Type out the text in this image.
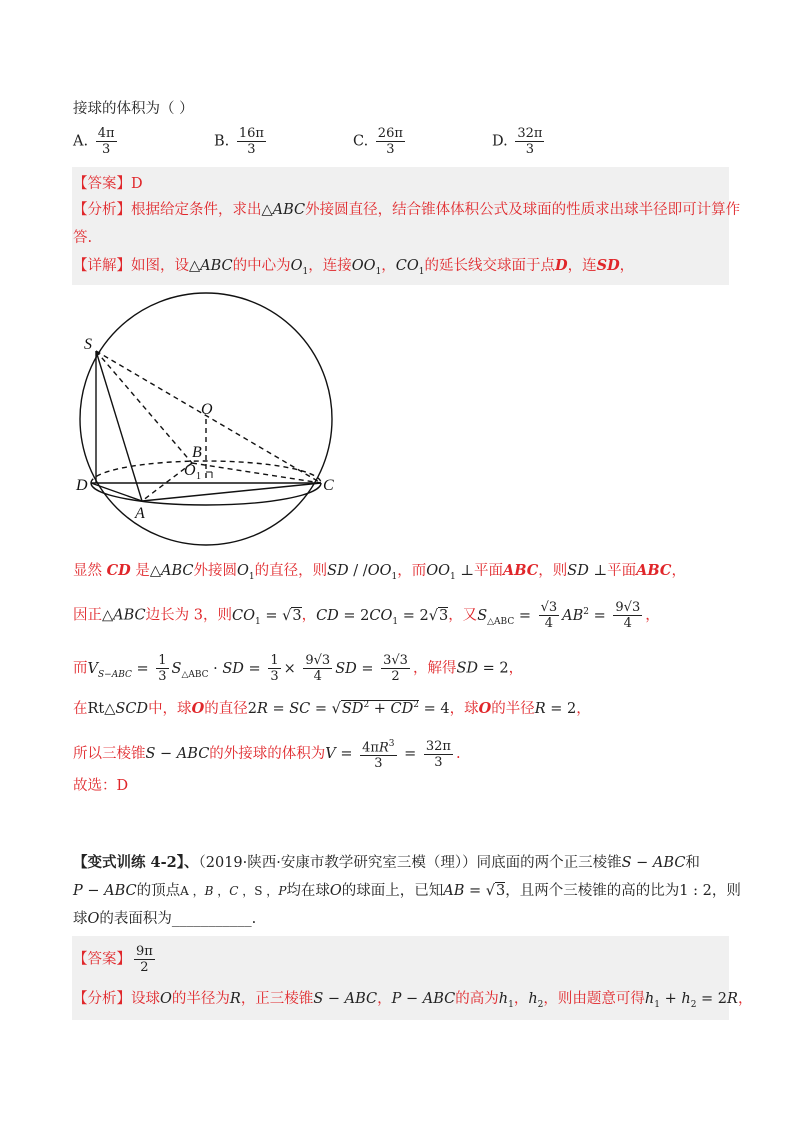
接球的体积为（ ）
A. $\frac{4\pi}{3}$	B. $\frac{16\pi}{3}$	C. $\frac{26\pi}{3}$	D. $\frac{32\pi}{3}$
【答案】D
【分析】根据给定条件，求出△ABC外接圆直径，结合锥体体积公式及球面的性质求出球半径即可计算作
答.
【详解】如图，设△ABC的中心为$O_1$，连接$OO_1$，$CO_1$的延长线交球面于点D，连SD，
S
O
B
O 1
D	C
A
显然 CD 是△ABC外接圆$O_1$的直径，则SD / $/OO_1$，而$OO_1$ ⊥平面ABC，则SD ⊥平面ABC，
因正△ABC边长为 3，则$CO_1 = √3$，CD = $2CO_1 = 2√3$，又$S_{\triangle ABC} = \frac{√3}{4} AB^2 = \frac{9√3}{4}$ ，
而$V_{S-ABC} = \frac{1}{3} S_{\triangle ABC}$ · SD = $\frac{1}{3} \times \frac{9√3}{4}$ SD = $\frac{3√3}{2}$ ，解得SD = 2，
在Rt△SCD中，球O的直径2R = SC = $√SD^2 + CD^2 = 4$，球O的半径R = 2，
所以三棱锥S − ABC的外接球的体积为$V = \frac{4\pi R^3}{3} = \frac{32\pi}{3}$ .
故选：D
【变式训练 4-2】、（2019·陕西·安康市教学研究室三模（理））同底面的两个正三棱锥S − ABC和
P − ABC的顶点A ，B ，C ，S ，P均在球O的球面上，已知AB = √3，且两个三棱锥的高的比为1 : 2，则
球O的表面积为___________.
【答案】 $\frac{9\pi}{2}$
【分析】设球O的半径为R，正三棱锥S − ABC，P − ABC的高为$h_1$，$h_2$，则由题意可得$h_1 + h_2 = 2R$，
